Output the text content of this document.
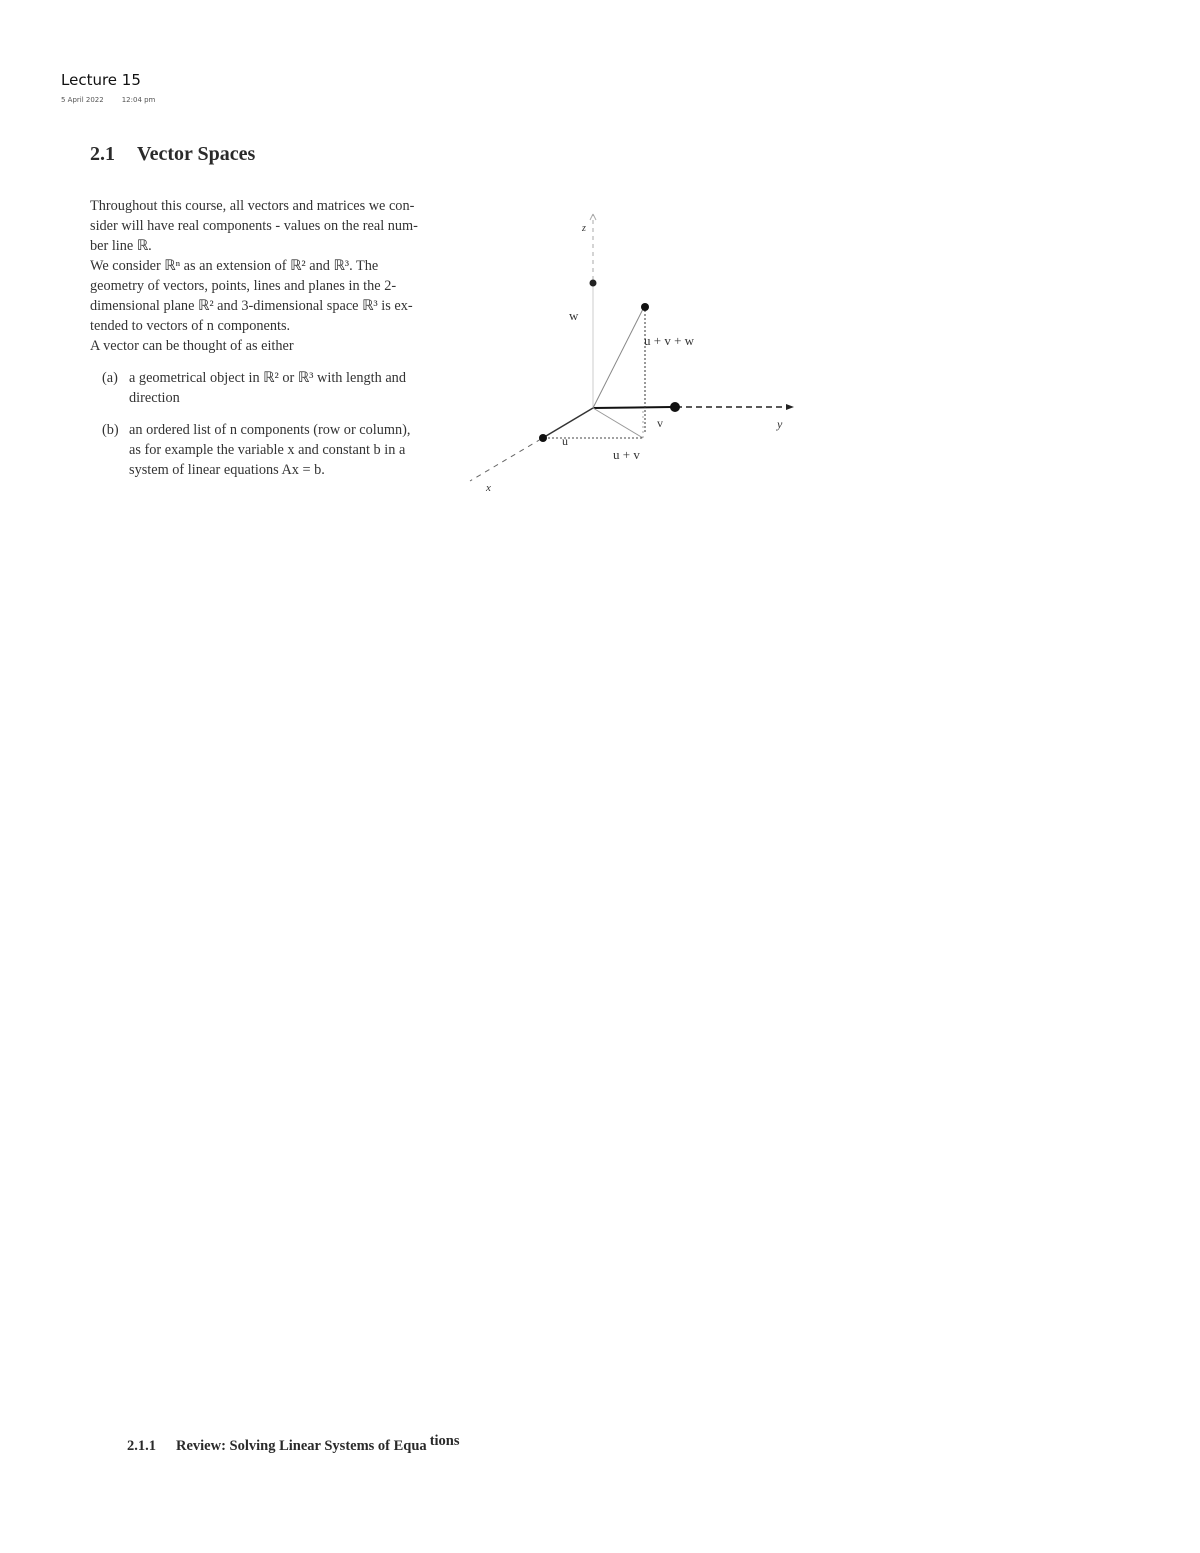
Lecture 15
5 April 2022	12:04 pm
2.1 Vector Spaces

Throughout this course, all vectors and matrices we con-
sider will have real components - values on the real num-
ber line ℝ.

We consider ℝⁿ as an extension of ℝ² and ℝ³. The
geometry of vectors, points, lines and planes in the 2-
dimensional plane ℝ² and 3-dimensional space ℝ³ is ex-
tended to vectors of n components.

A vector can be thought of as either

(a) a geometrical object in ℝ² or ℝ³ with length and
direction
(b) an ordered list of n components (row or column),
as for example the variable x and constant b in a
system of linear equations Ax = b.
z
w
u + v + w
v	y
u
u + v
x
2.1.1 Review: Solving Linear Systems of Equa tions
